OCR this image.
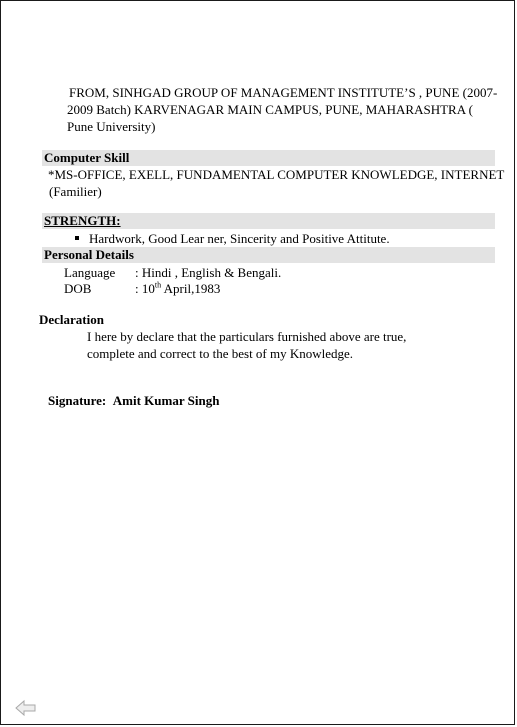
FROM, SINHGAD GROUP OF MANAGEMENT INSTITUTE’S , PUNE (2007-
2009 Batch) KARVENAGAR MAIN CAMPUS, PUNE, MAHARASHTRA (
Pune University)
Computer Skill
*MS-OFFICE, EXELL, FUNDAMENTAL COMPUTER KNOWLEDGE, INTERNET
(Familier)
STRENGTH:
Hardwork, Good Lear ner, Sincerity and Positive Attitute.
Personal Details
Language : Hindi , English & Bengali.
DOB	: 10th April,1983
Declaration
I here by declare that the particulars furnished above are true,
complete and correct to the best of my Knowledge.
Signature: Amit Kumar Singh
